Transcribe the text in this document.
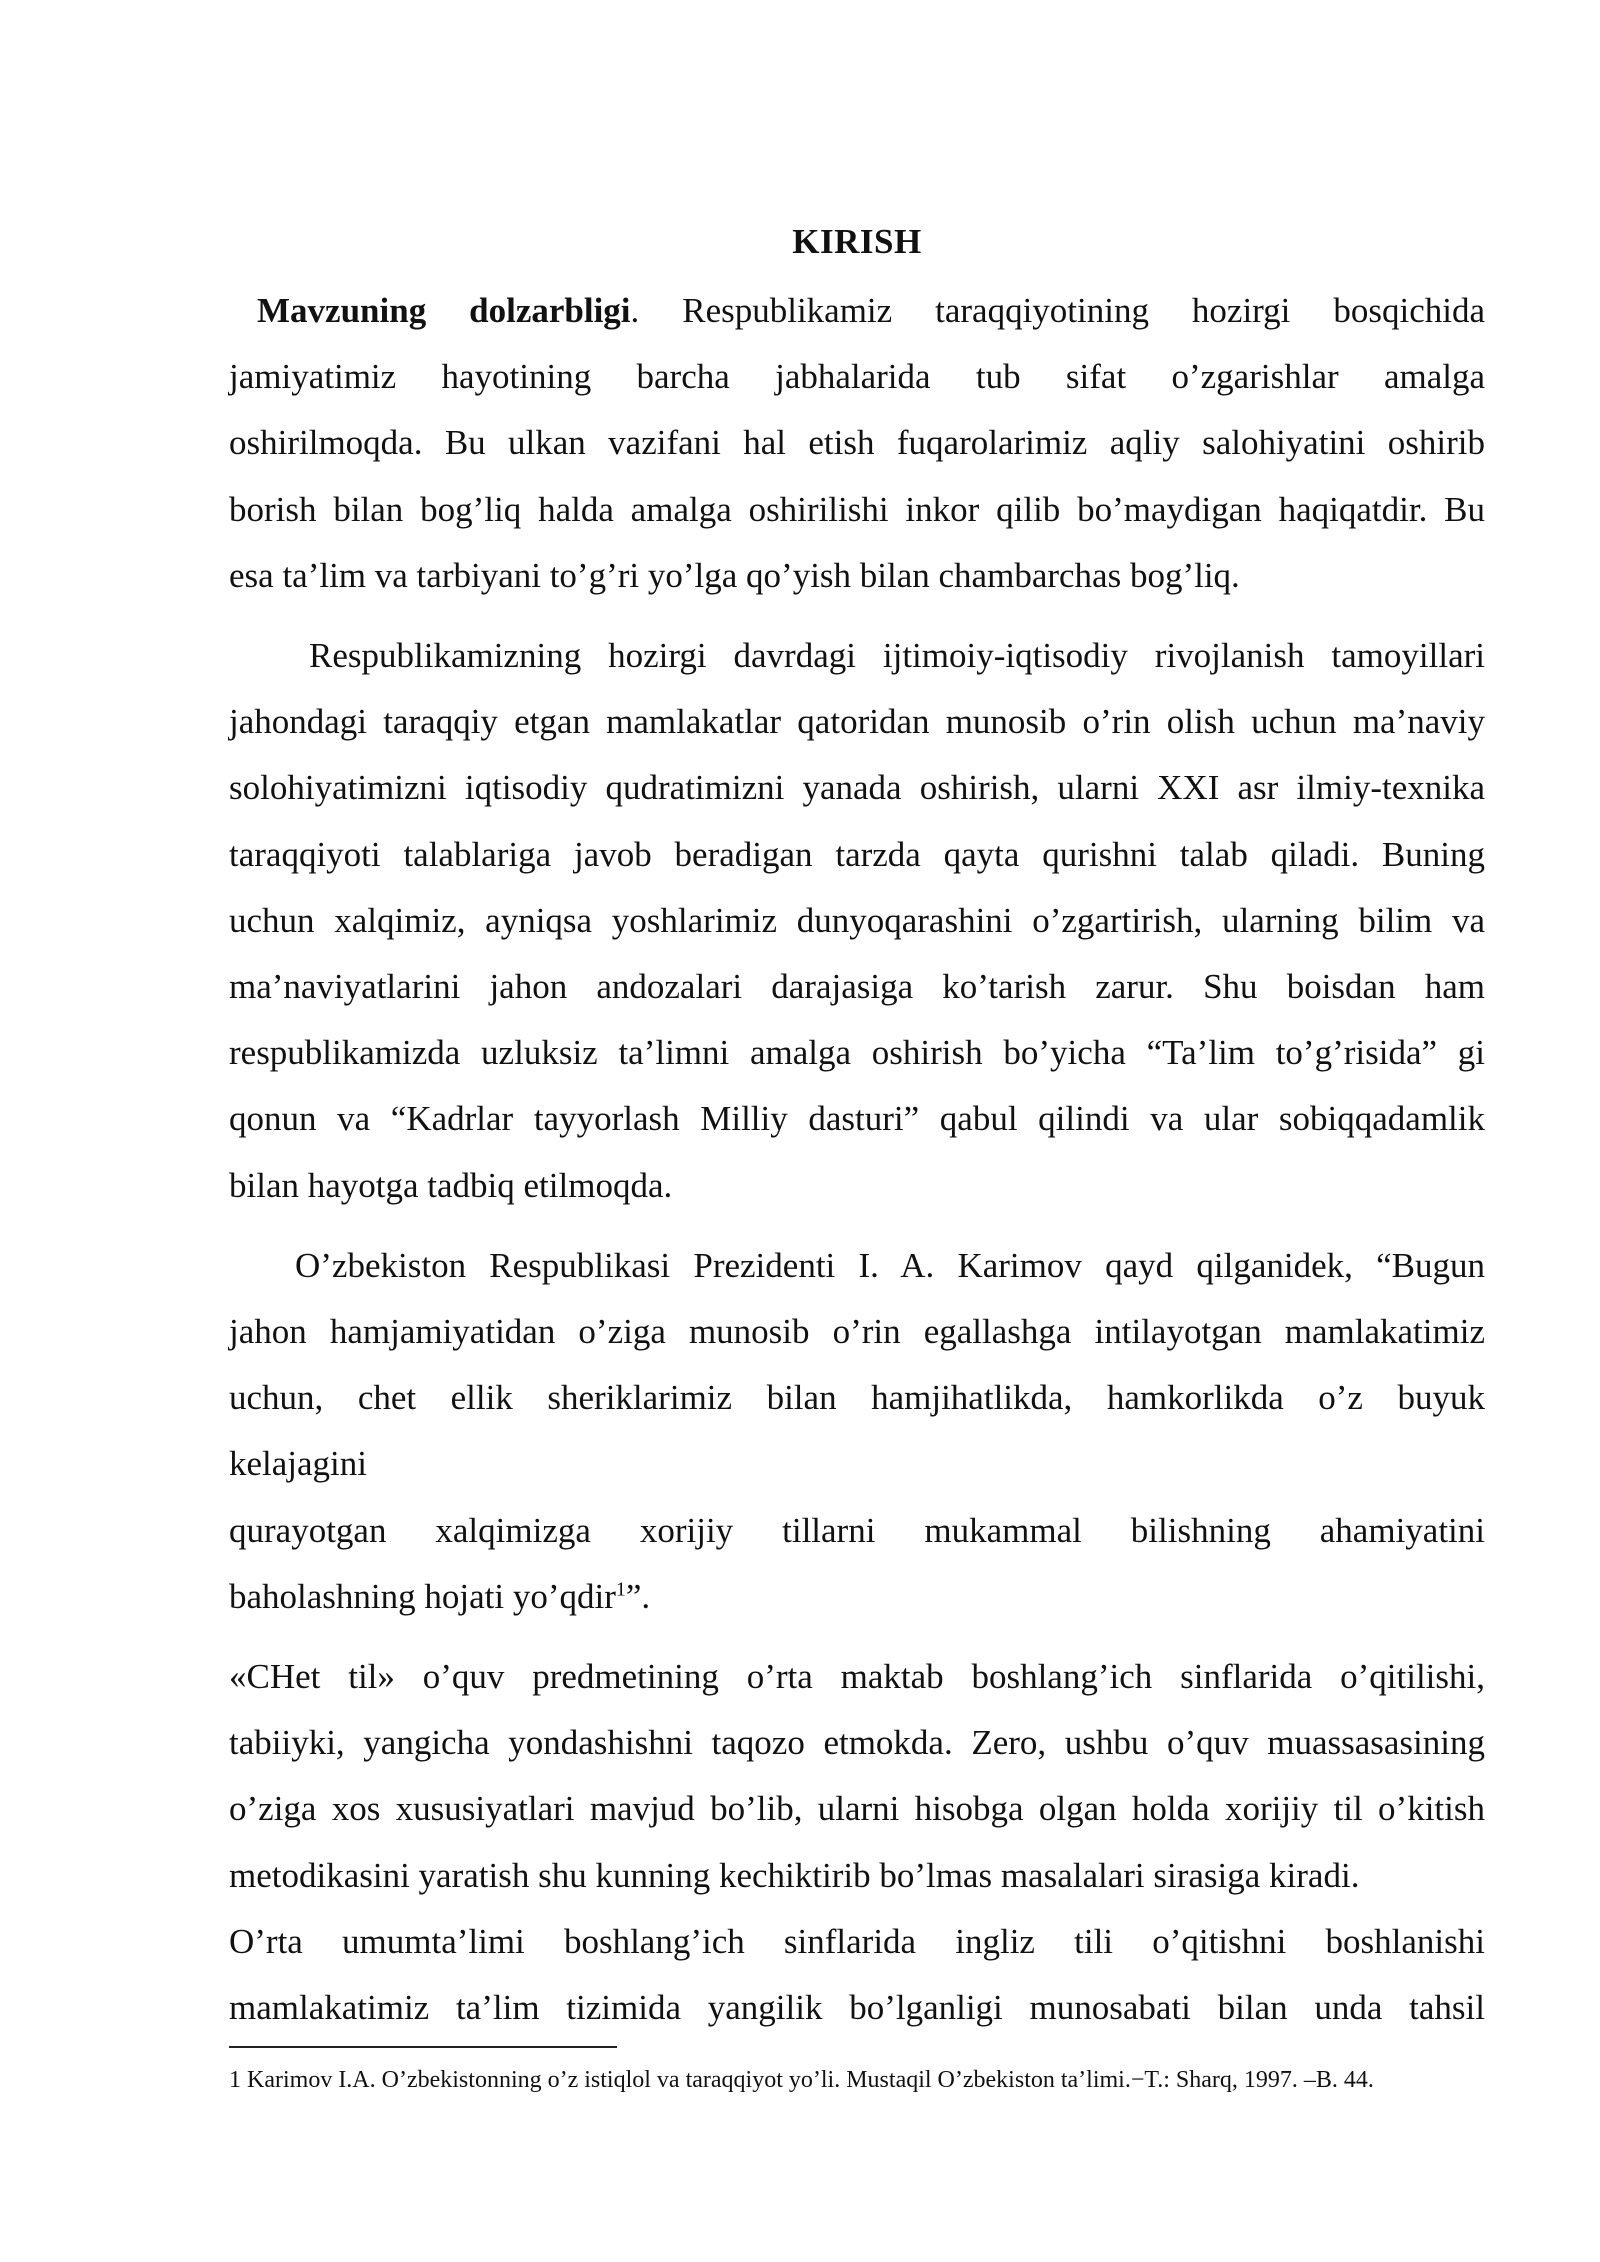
KIRISH
Mavzuning dolzarbligi. Respublikamiz taraqqiyotining hozirgi bosqichida
jamiyatimiz hayotining barcha jabhalarida tub sifat o’zgarishlar amalga
oshirilmoqda. Bu ulkan vazifani hal etish fuqarolarimiz aqliy salohiyatini oshirib
borish bilan bog’liq halda amalga oshirilishi inkor qilib bo’maydigan haqiqatdir. Bu
esa ta’lim va tarbiyani to’g’ri yo’lga qo’yish bilan chambarchas bog’liq.
Respublikamizning hozirgi davrdagi ijtimoiy-iqtisodiy rivojlanish tamoyillari
jahondagi taraqqiy etgan mamlakatlar qatoridan munosib o’rin olish uchun ma’naviy
solohiyatimizni iqtisodiy qudratimizni yanada oshirish, ularni XXI asr ilmiy-texnika
taraqqiyoti talablariga javob beradigan tarzda qayta qurishni talab qiladi. Buning
uchun xalqimiz, ayniqsa yoshlarimiz dunyoqarashini o’zgartirish, ularning bilim va
ma’naviyatlarini jahon andozalari darajasiga ko’tarish zarur. Shu boisdan ham
respublikamizda uzluksiz ta’limni amalga oshirish bo’yicha “Ta’lim to’g’risida” gi
qonun va “Kadrlar tayyorlash Milliy dasturi” qabul qilindi va ular sobiqqadamlik
bilan hayotga tadbiq etilmoqda.
O’zbekiston Respublikasi Prezidenti I. A. Karimov qayd qilganidek, “Bugun
jahon hamjamiyatidan o’ziga munosib o’rin egallashga intilayotgan mamlakatimiz
uchun, chet ellik sheriklarimiz bilan hamjihatlikda, hamkorlikda o’z buyuk
kelajagini
qurayotgan xalqimizga xorijiy tillarni mukammal bilishning ahamiyatini
baholashning hojati yo’qdir$^1$”.
«CHet til» o’quv predmetining o’rta maktab boshlang’ich sinflarida o’qitilishi,
tabiiyki, yangicha yondashishni taqozo etmokda. Zero, ushbu o’quv muassasasining
o’ziga xos xususiyatlari mavjud bo’lib, ularni hisobga olgan holda xorijiy til o’kitish
metodikasini yaratish shu kunning kechiktirib bo’lmas masalalari sirasiga kiradi.
O’rta umumta’limi boshlang’ich sinflarida ingliz tili o’qitishni boshlanishi
mamlakatimiz ta’lim tizimida yangilik bo’lganligi munosabati bilan unda tahsil
1 Karimov I.A. O’zbekistonning o’z istiqlol va taraqqiyot yo’li. Mustaqil O’zbekiston ta’limi.−T.: Sharq, 1997. –B. 44.
